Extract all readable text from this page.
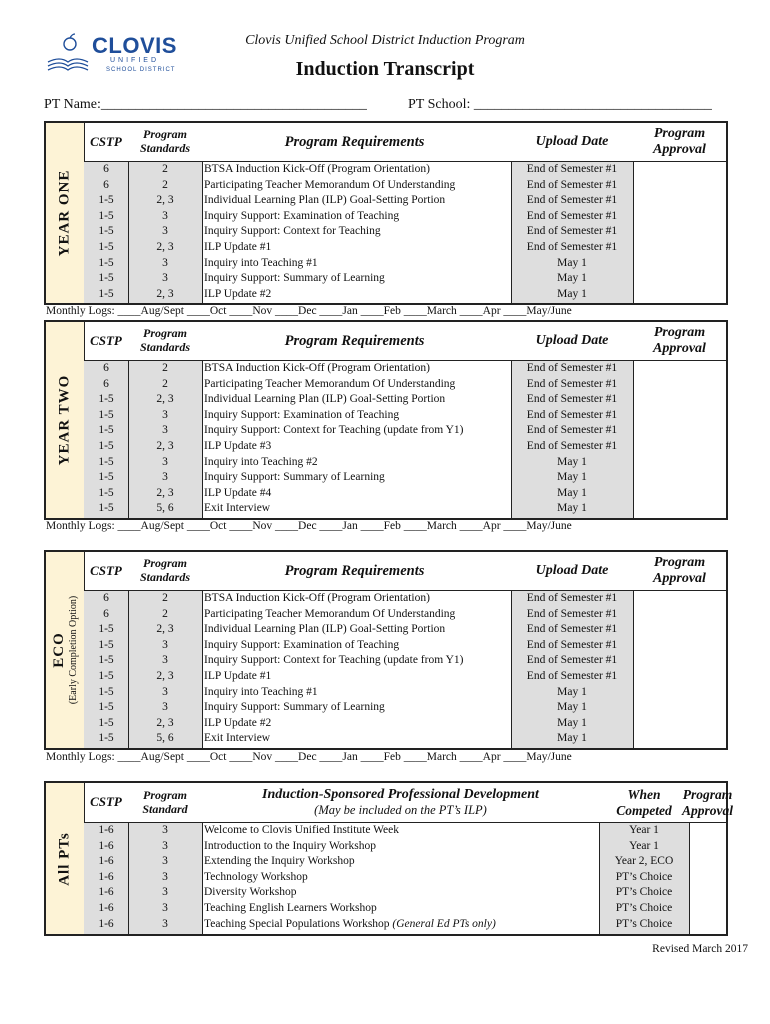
CLOVIS
UNIFIED
SCHOOL DISTRICT
Clovis Unified School District Induction Program
Induction Transcript
PT Name:______________________________________	PT School: __________________________________
YEAR ONE
CSTP	Program Standards	Program Requirements	Upload Date
Program Approval
6	2	BTSA Induction Kick-Off (Program Orientation)	End of Semester #1
6	2	Participating Teacher Memorandum Of Understanding	End of Semester #1
1-5	2, 3	Individual Learning Plan (ILP) Goal-Setting Portion	End of Semester #1
1-5	3	Inquiry Support: Examination of Teaching	End of Semester #1
1-5	3	Inquiry Support: Context for Teaching	End of Semester #1
1-5	2, 3	ILP Update #1	End of Semester #1
1-5	3	Inquiry into Teaching #1	May 1
1-5	3	Inquiry Support: Summary of Learning	May 1
1-5	2, 3	ILP Update #2	May 1
Monthly Logs: ____Aug/Sept ____Oct ____Nov ____Dec ____Jan ____Feb ____March ____Apr ____May/June
YEAR TWO
CSTP	Program Standards	Program Requirements	Upload Date
Program Approval
6	2	BTSA Induction Kick-Off (Program Orientation)	End of Semester #1
6	2	Participating Teacher Memorandum Of Understanding	End of Semester #1
1-5	2, 3	Individual Learning Plan (ILP) Goal-Setting Portion	End of Semester #1
1-5	3	Inquiry Support: Examination of Teaching	End of Semester #1
1-5	3	Inquiry Support: Context for Teaching (update from Y1)	End of Semester #1
1-5	2, 3	ILP Update #3	End of Semester #1
1-5	3	Inquiry into Teaching #2	May 1
1-5	3	Inquiry Support: Summary of Learning	May 1
1-5	2, 3	ILP Update #4	May 1
1-5	5, 6	Exit Interview	May 1
Monthly Logs: ____Aug/Sept ____Oct ____Nov ____Dec ____Jan ____Feb ____March ____Apr ____May/June
ECO (Early Completion Option)
CSTP	Program Standards	Program Requirements	Upload Date
Program Approval
6	2	BTSA Induction Kick-Off (Program Orientation)	End of Semester #1
6	2	Participating Teacher Memorandum Of Understanding	End of Semester #1
1-5	2, 3	Individual Learning Plan (ILP) Goal-Setting Portion	End of Semester #1
1-5	3	Inquiry Support: Examination of Teaching	End of Semester #1
1-5	3	Inquiry Support: Context for Teaching (update from Y1)	End of Semester #1
1-5	2, 3	ILP Update #1	End of Semester #1
1-5	3	Inquiry into Teaching #1	May 1
1-5	3	Inquiry Support: Summary of Learning	May 1
1-5	2, 3	ILP Update #2	May 1
1-5	5, 6	Exit Interview	May 1
Monthly Logs: ____Aug/Sept ____Oct ____Nov ____Dec ____Jan ____Feb ____March ____Apr ____May/June
All PTs
CSTP	Program Standard
Induction-Sponsored Professional Development
(May be included on the PT’s ILP)
When Competed
Program Approval
1-6	3	Welcome to Clovis Unified Institute Week	Year 1
1-6	3	Introduction to the Inquiry Workshop	Year 1
1-6	3	Extending the Inquiry Workshop	Year 2, ECO
1-6	3	Technology Workshop	PT’s Choice
1-6	3	Diversity Workshop	PT’s Choice
1-6	3	Teaching English Learners Workshop	PT’s Choice
1-6	3	Teaching Special Populations Workshop (General Ed PTs only)	PT’s Choice
Revised March 2017
